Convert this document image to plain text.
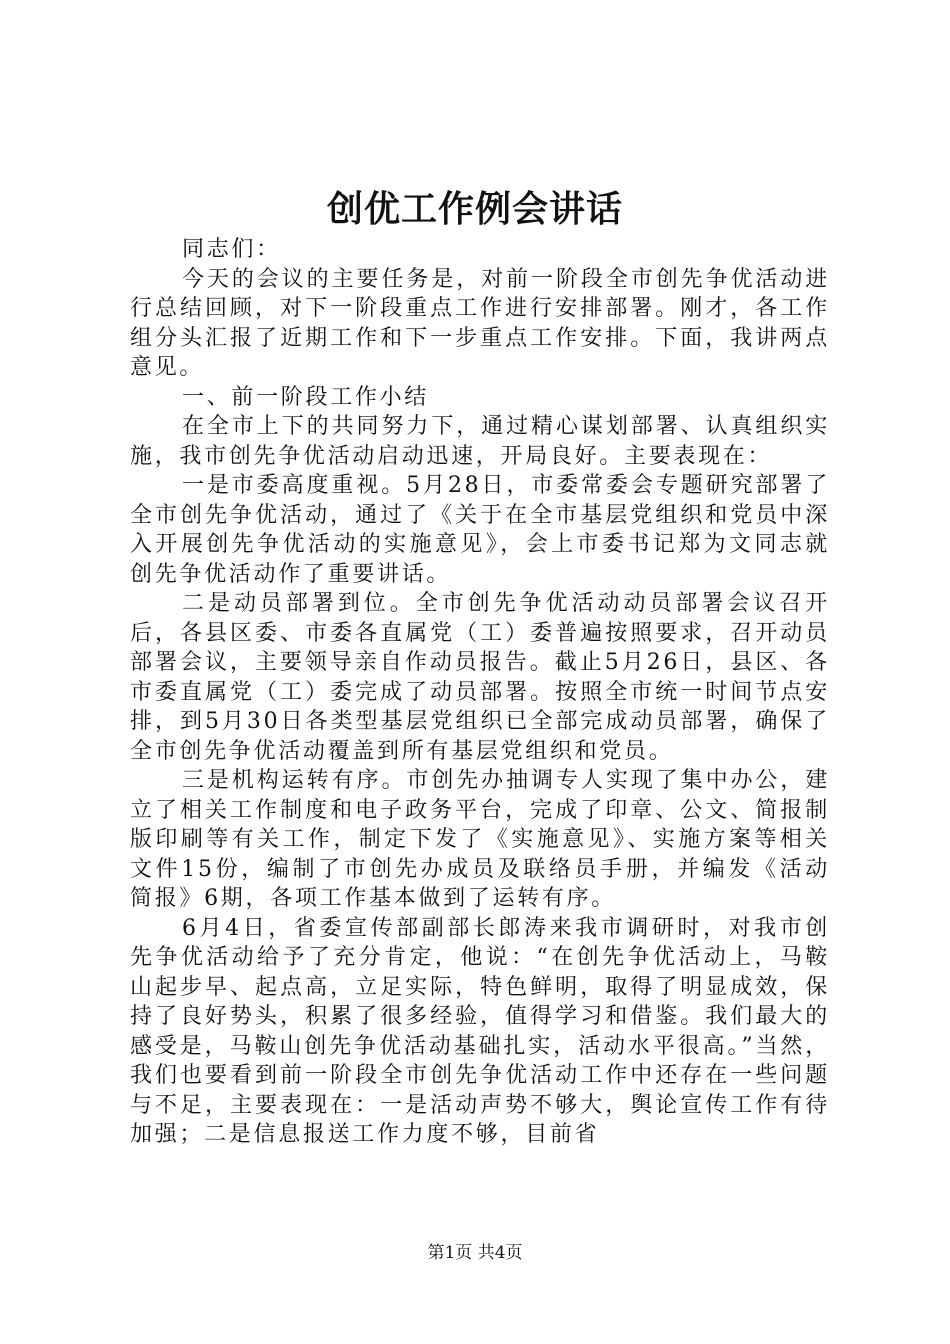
创优工作例会讲话

同志们：

今天的会议的主要任务是，对前一阶段全市创先争优活动进行总结回顾，对下一阶段重点工作进行安排部署。刚才，各工作组分头汇报了近期工作和下一步重点工作安排。下面，我讲两点意见。

一、前一阶段工作小结

在全市上下的共同努力下，通过精心谋划部署、认真组织实施，我市创先争优活动启动迅速，开局良好。主要表现在：

一是市委高度重视。5月28日，市委常委会专题研究部署了全市创先争优活动，通过了《关于在全市基层党组织和党员中深入开展创先争优活动的实施意见》，会上市委书记郑为文同志就创先争优活动作了重要讲话。

二是动员部署到位。全市创先争优活动动员部署会议召开后，各县区委、市委各直属党（工）委普遍按照要求，召开动员部署会议，主要领导亲自作动员报告。截止5月26日，县区、各市委直属党（工）委完成了动员部署。按照全市统一时间节点安排，到5月30日各类型基层党组织已全部完成动员部署，确保了全市创先争优活动覆盖到所有基层党组织和党员。

三是机构运转有序。市创先办抽调专人实现了集中办公，建立了相关工作制度和电子政务平台，完成了印章、公文、简报制版印刷等有关工作，制定下发了《实施意见》、实施方案等相关文件15份，编制了市创先办成员及联络员手册，并编发《活动简报》6期，各项工作基本做到了运转有序。

6月4日，省委宣传部副部长郎涛来我市调研时，对我市创先争优活动给予了充分肯定，他说：“在创先争优活动上，马鞍山起步早、起点高，立足实际，特色鲜明，取得了明显成效，保持了良好势头，积累了很多经验，值得学习和借鉴。我们最大的感受是，马鞍山创先争优活动基础扎实，活动水平很高。”当然，我们也要看到前一阶段全市创先争优活动工作中还存在一些问题与不足，主要表现在：一是活动声势不够大，舆论宣传工作有待加强；二是信息报送工作力度不够，目前省

第1页 共4页
